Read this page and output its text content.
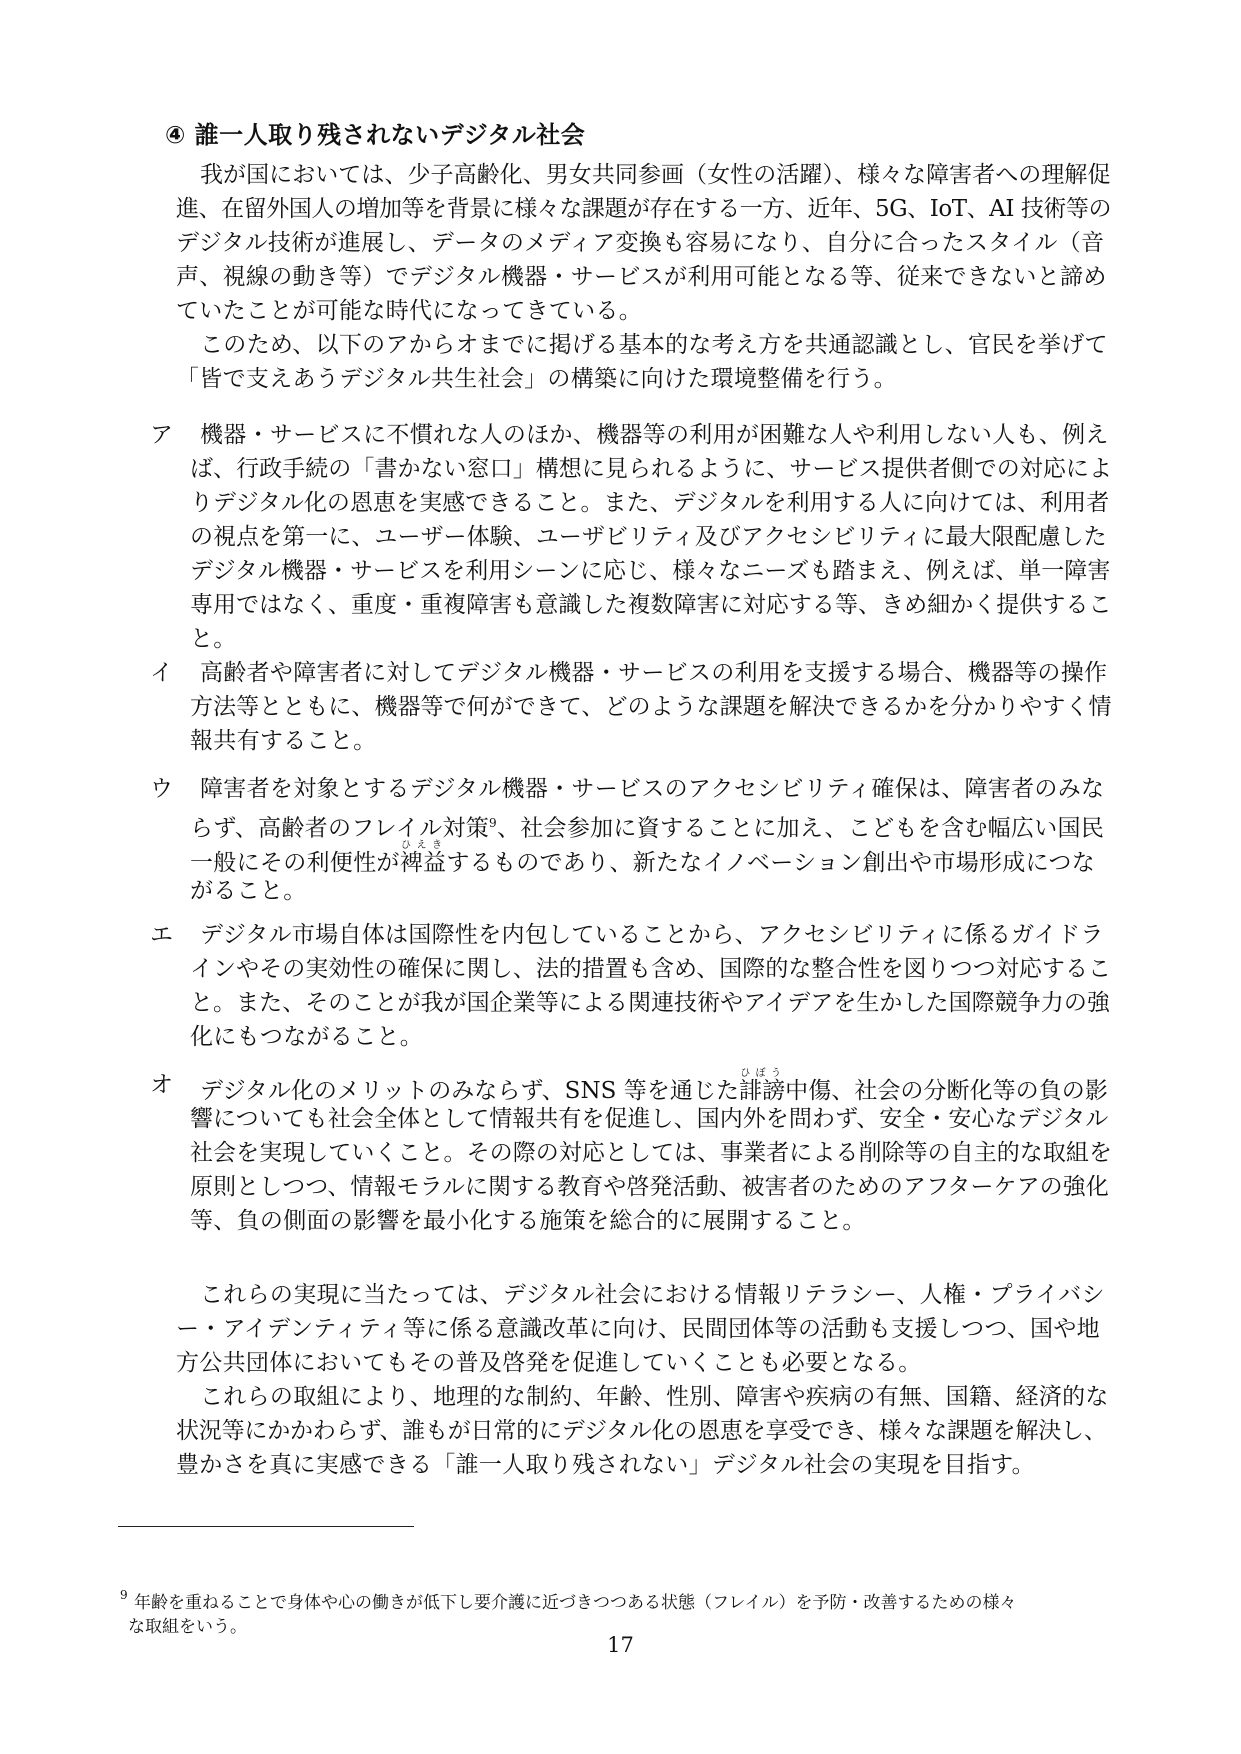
④ 誰一人取り残されないデジタル社会
我が国においては、少子高齢化、男女共同参画（女性の活躍）、様々な障害者への理解促
進、在留外国人の増加等を背景に様々な課題が存在する一方、近年、5G、IoT、AI 技術等の
デジタル技術が進展し、データのメディア変換も容易になり、自分に合ったスタイル（音
声、視線の動き等）でデジタル機器・サービスが利用可能となる等、従来できないと諦め
ていたことが可能な時代になってきている。
このため、以下のアからオまでに掲げる基本的な考え方を共通認識とし、官民を挙げて
「皆で支えあうデジタル共生社会」の構築に向けた環境整備を行う。
ア 機器・サービスに不慣れな人のほか、機器等の利用が困難な人や利用しない人も、例え
ば、行政手続の「書かない窓口」構想に見られるように、サービス提供者側での対応によ
りデジタル化の恩恵を実感できること。また、デジタルを利用する人に向けては、利用者
の視点を第一に、ユーザー体験、ユーザビリティ及びアクセシビリティに最大限配慮した
デジタル機器・サービスを利用シーンに応じ、様々なニーズも踏まえ、例えば、単一障害
専用ではなく、重度・重複障害も意識した複数障害に対応する等、きめ細かく提供するこ
と。
イ 高齢者や障害者に対してデジタル機器・サービスの利用を支援する場合、機器等の操作
方法等とともに、機器等で何ができて、どのような課題を解決できるかを分かりやすく情
報共有すること。
ウ 障害者を対象とするデジタル機器・サービスのアクセシビリティ確保は、障害者のみな
らず、高齢者のフレイル対策$^9$、社会参加に資することに加え、こどもを含む幅広い国民
一般にその利便性が裨益ひえきするものであり、新たなイノベーション創出や市場形成につな
がること。
エ デジタル市場自体は国際性を内包していることから、アクセシビリティに係るガイドラ
インやその実効性の確保に関し、法的措置も含め、国際的な整合性を図りつつ対応するこ
と。また、そのことが我が国企業等による関連技術やアイデアを生かした国際競争力の強
化にもつながること。
オ デジタル化のメリットのみならず、SNS 等を通じた誹謗ひぼう中傷、社会の分断化等の負の影
響についても社会全体として情報共有を促進し、国内外を問わず、安全・安心なデジタル
社会を実現していくこと。その際の対応としては、事業者による削除等の自主的な取組を
原則としつつ、情報モラルに関する教育や啓発活動、被害者のためのアフターケアの強化
等、負の側面の影響を最小化する施策を総合的に展開すること。
これらの実現に当たっては、デジタル社会における情報リテラシー、人権・プライバシ
ー・アイデンティティ等に係る意識改革に向け、民間団体等の活動も支援しつつ、国や地
方公共団体においてもその普及啓発を促進していくことも必要となる。
これらの取組により、地理的な制約、年齢、性別、障害や疾病の有無、国籍、経済的な
状況等にかかわらず、誰もが日常的にデジタル化の恩恵を享受でき、様々な課題を解決し、
豊かさを真に実感できる「誰一人取り残されない」デジタル社会の実現を目指す。
9 年齢を重ねることで身体や心の働きが低下し要介護に近づきつつある状態（フレイル）を予防・改善するための様々
な取組をいう。
17
